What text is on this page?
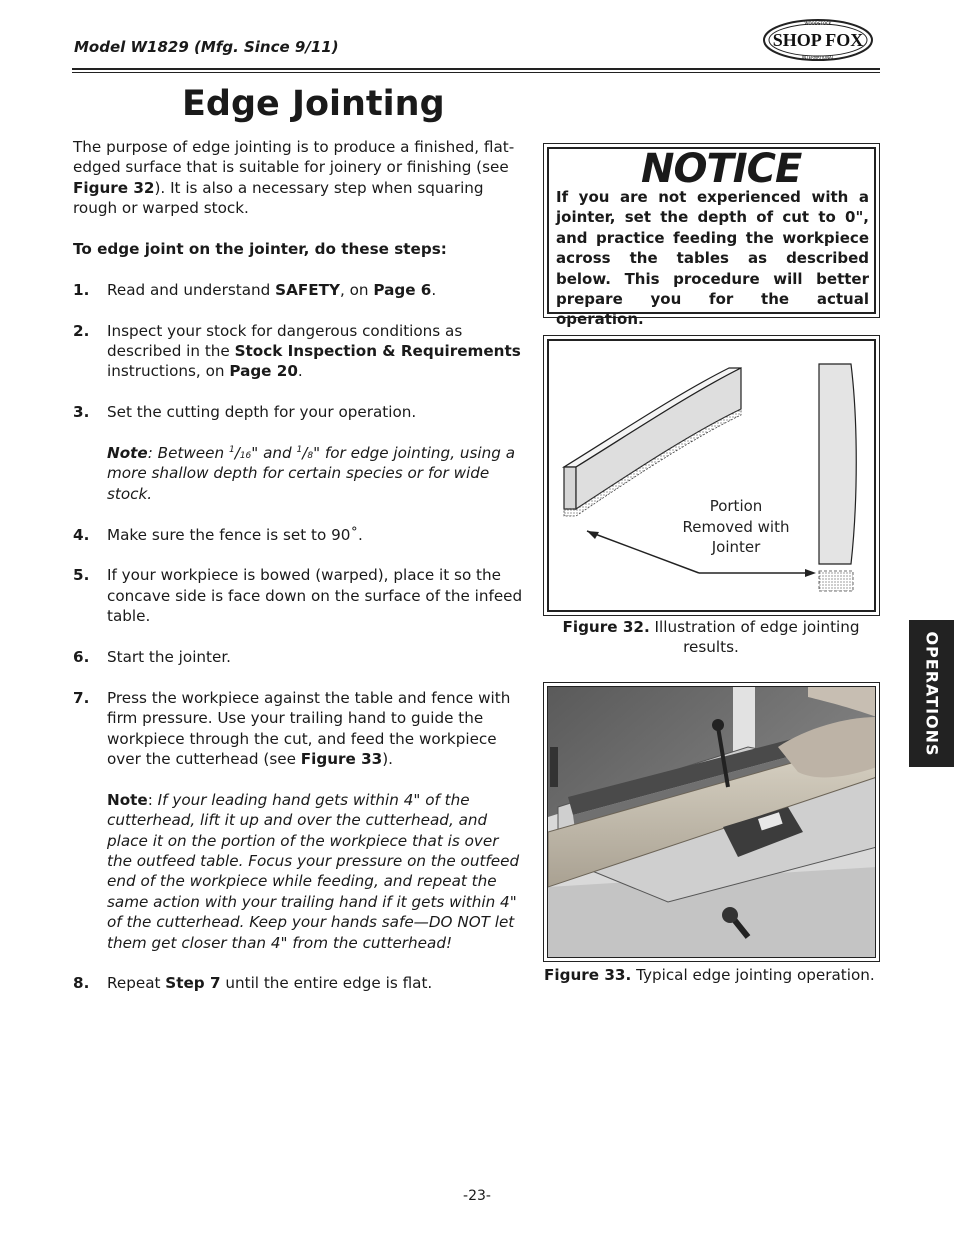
Model W1829 (Mfg. Since 9/11)	SHOP FOX
WOODSTOCK
INTERNATIONAL
Edge Jointing

The purpose of edge jointing is to produce a finished, flat-edged surface that is suitable for joinery or finishing (see Figure 32). It is also a necessary step when squaring rough or warped stock.

To edge joint on the jointer, do these steps:

1. Read and understand SAFETY, on Page 6.
2. Inspect your stock for dangerous conditions as described in the Stock Inspection & Requirements instructions, on Page 20.
3. Set the cutting depth for your operation.
Note: Between $^1$/16" and $^1$/8" for edge jointing, using a more shallow depth for certain species or for wide stock.
4. Make sure the fence is set to 90˚.
5. If your workpiece is bowed (warped), place it so the concave side is face down on the surface of the infeed table.
6. Start the jointer.
7. Press the workpiece against the table and fence with firm pressure. Use your trailing hand to guide the workpiece through the cut, and feed the workpiece over the cutterhead (see Figure 33).
Note: If your leading hand gets within 4" of the cutterhead, lift it up and over the cutterhead, and place it on the portion of the workpiece that is over the outfeed table. Focus your pressure on the outfeed end of the workpiece while feeding, and repeat the same action with your trailing hand if it gets within 4" of the cutterhead. Keep your hands safe—DO NOT let them get closer than 4" from the cutterhead!
8. Repeat Step 7 until the entire edge is flat.
NOTICE
If you are not experienced with a jointer, set the depth of cut to 0", and practice feeding the workpiece across the tables as described below. This procedure will better prepare you for the actual operation.
Portion
Removed with
Jointer
Figure 32. Illustration of edge jointing results.
Figure 33. Typical edge jointing operation.
OPERATIONS
-23-
